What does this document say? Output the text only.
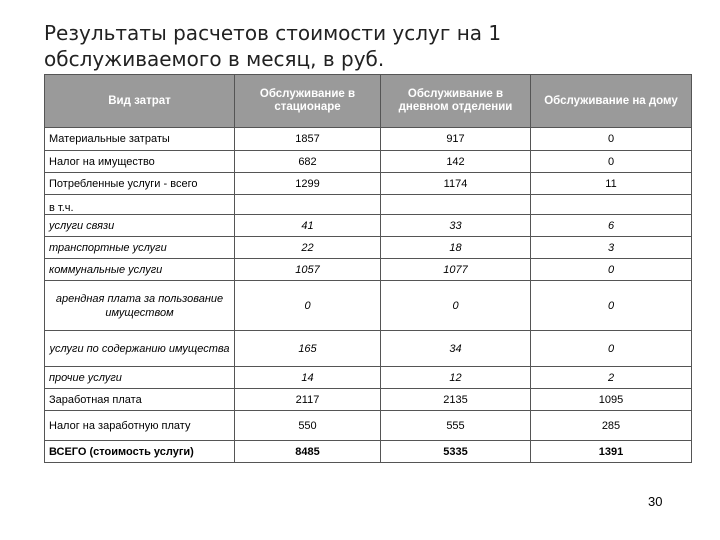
Результаты расчетов стоимости услуг на 1 обслуживаемого в месяц, в руб.
Вид затрат	Обслуживание в стационаре	Обслуживание в дневном отделении	Обслуживание на дому
Материальные затраты	1857	917	0
Налог на имущество	682	142	0
Потребленные услуги - всего	1299	1174	11
в т.ч.			
услуги связи	41	33	6
транспортные услуги	22	18	3
коммунальные услуги	1057	1077	0
арендная плата за пользование имуществом	0	0	0
услуги по содержанию имущества	165	34	0
прочие услуги	14	12	2
Заработная плата	2117	2135	1095
Налог на заработную плату	550	555	285
ВСЕГО (стоимость услуги)	8485	5335	1391
30
